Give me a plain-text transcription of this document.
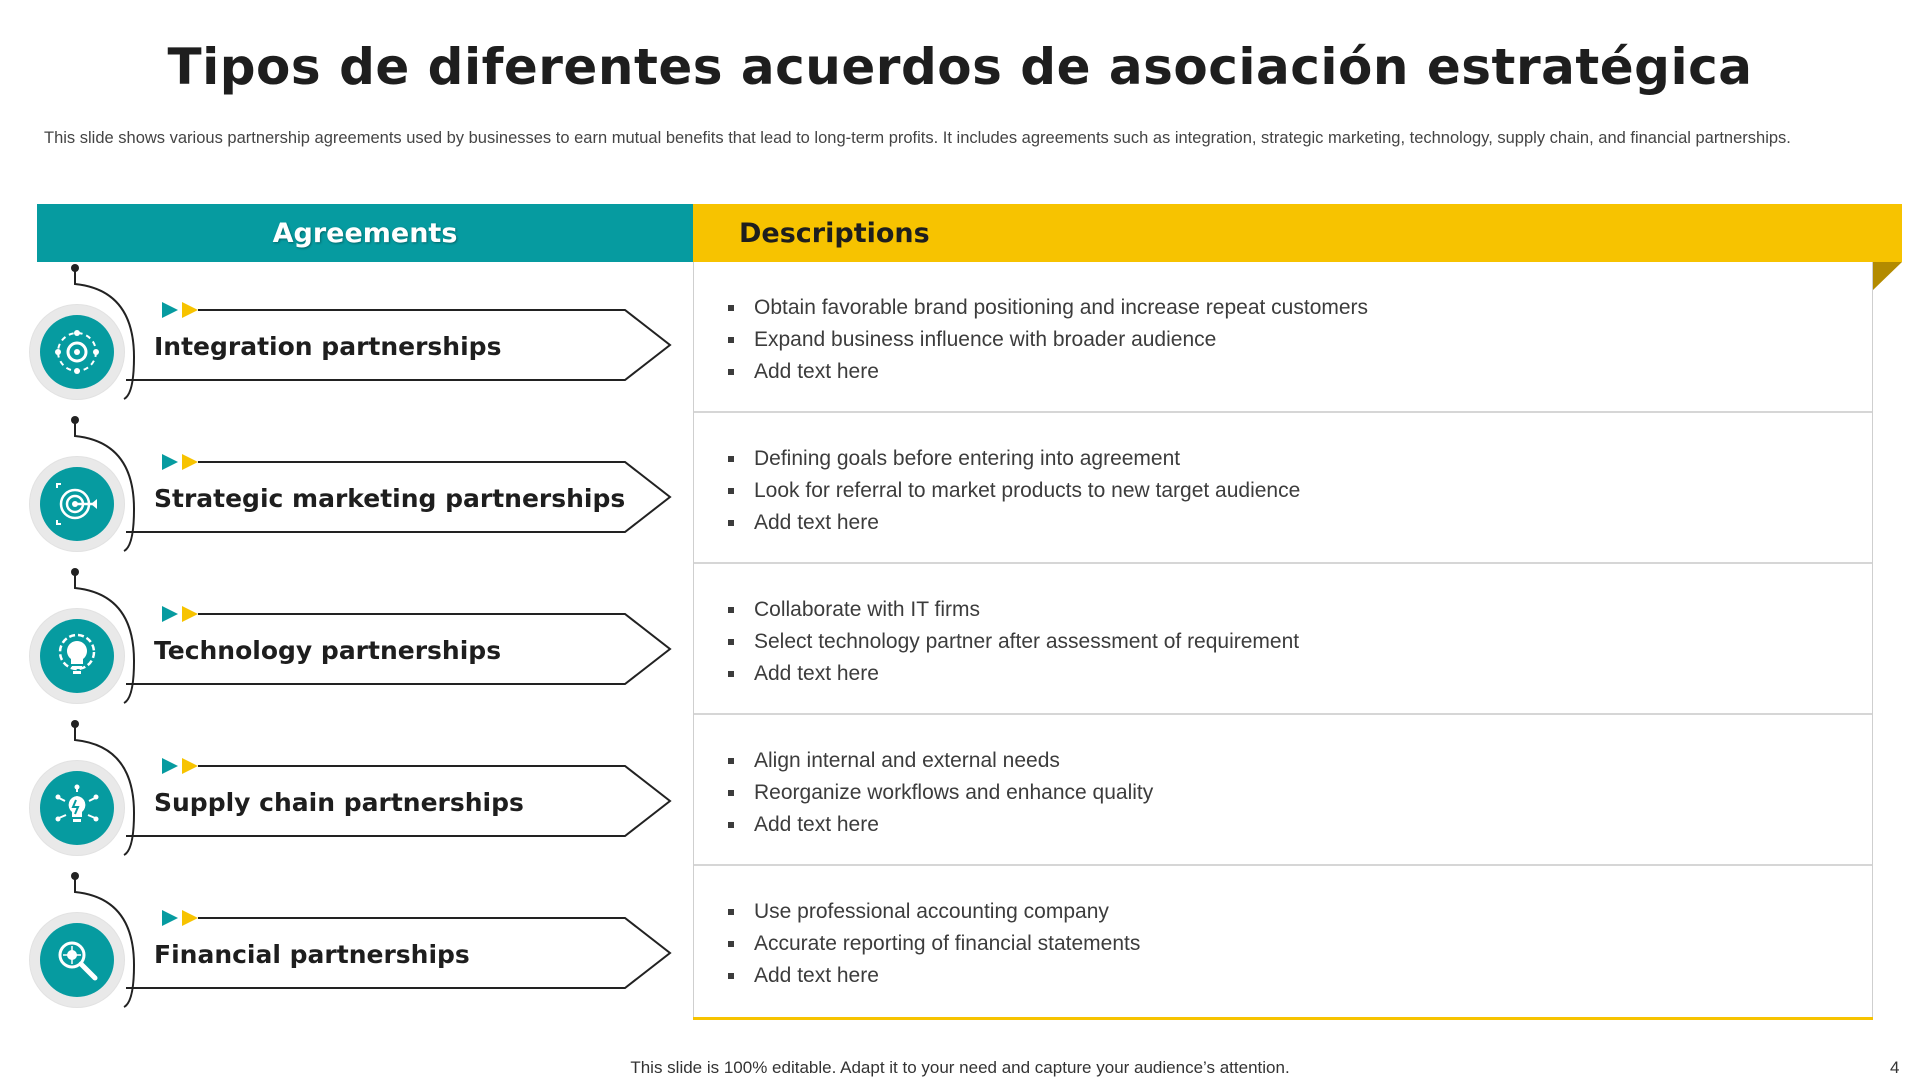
Tipos de diferentes acuerdos de asociación estratégica
This slide shows various partnership agreements used by businesses to earn mutual benefits that lead to long-term profits. It includes agreements such as integration, strategic marketing, technology, supply chain, and financial partnerships.
Agreements	Descriptions
Integration partnerships
Strategic marketing partnerships
Technology partnerships
Supply chain partnerships
Financial partnerships
Obtain favorable brand positioning and increase repeat customers
Expand business influence with broader audience
Add text here
Defining goals before entering into agreement
Look for referral to market products to new target audience
Add text here
Collaborate with IT firms
Select technology partner after assessment of requirement
Add text here
Align internal and external needs
Reorganize workflows and enhance quality
Add text here
Use professional accounting company
Accurate reporting of financial statements
Add text here
This slide is 100% editable. Adapt it to your need and capture your audience’s attention.	4
